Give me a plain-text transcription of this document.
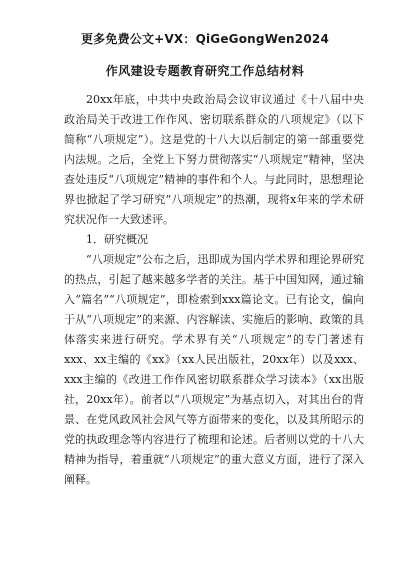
更多免费公文+VX：QiGeGongWen2024
作风建设专题教育研究工作总结材料

20xx年底，中共中央政治局会议审议通过《十八届中央政治局关于改进工作作风、密切联系群众的八项规定》（以下简称“八项规定”）。这是党的十八大以后制定的第一部重要党内法规。之后，全党上下努力贯彻落实“八项规定”精神，坚决查处违反“八项规定”精神的事件和个人。与此同时，思想理论界也掀起了学习研究“八项规定”的热潮，现将x年来的学术研究状况作一大致述评。

1．研究概况

“八项规定”公布之后，迅即成为国内学术界和理论界研究的热点，引起了越来越多学者的关注。基于中国知网，通过输入“篇名”“八项规定”，即检索到xxx篇论文。已有论文，偏向于从“八项规定”的来源、内容解读、实施后的影响、政策的具体落实来进行研究。学术界有关“八项规定”的专门著述有xxx、xx主编的《xx》（xx人民出版社，20xx年）以及xxx、xxx主编的《改进工作作风密切联系群众学习读本》（xx出版社，20xx年）。前者以“八项规定”为基点切入，对其出台的背景、在党风政风社会风气等方面带来的变化，以及其所昭示的党的执政理念等内容进行了梳理和论述。后者则以党的十八大精神为指导，着重就“八项规定”的重大意义方面，进行了深入阐释。
